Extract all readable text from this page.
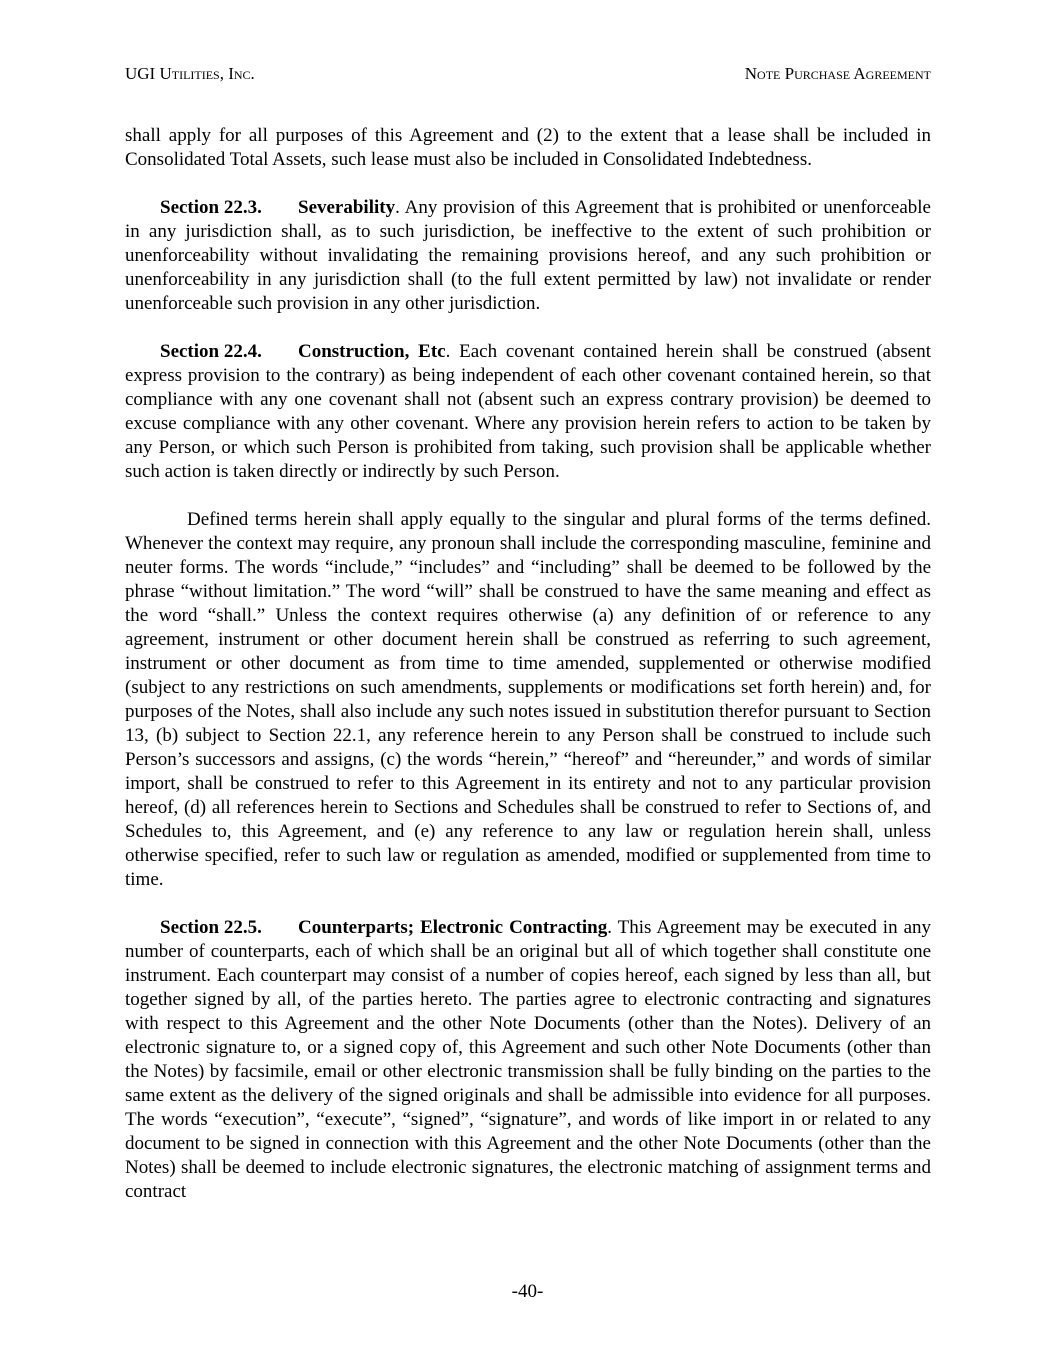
UGI Utilities, Inc.	Note Purchase Agreement

shall apply for all purposes of this Agreement and (2) to the extent that a lease shall be included in Consolidated Total Assets, such lease must also be included in Consolidated Indebtedness.

Section 22.3. Severability. Any provision of this Agreement that is prohibited or unenforceable in any jurisdiction shall, as to such jurisdiction, be ineffective to the extent of such prohibition or unenforceability without invalidating the remaining provisions hereof, and any such prohibition or unenforceability in any jurisdiction shall (to the full extent permitted by law) not invalidate or render unenforceable such provision in any other jurisdiction.

Section 22.4. Construction, Etc. Each covenant contained herein shall be construed (absent express provision to the contrary) as being independent of each other covenant contained herein, so that compliance with any one covenant shall not (absent such an express contrary provision) be deemed to excuse compliance with any other covenant. Where any provision herein refers to action to be taken by any Person, or which such Person is prohibited from taking, such provision shall be applicable whether such action is taken directly or indirectly by such Person.

Defined terms herein shall apply equally to the singular and plural forms of the terms defined. Whenever the context may require, any pronoun shall include the corresponding masculine, feminine and neuter forms. The words “include,” “includes” and “including” shall be deemed to be followed by the phrase “without limitation.” The word “will” shall be construed to have the same meaning and effect as the word “shall.” Unless the context requires otherwise (a) any definition of or reference to any agreement, instrument or other document herein shall be construed as referring to such agreement, instrument or other document as from time to time amended, supplemented or otherwise modified (subject to any restrictions on such amendments, supplements or modifications set forth herein) and, for purposes of the Notes, shall also include any such notes issued in substitution therefor pursuant to Section 13, (b) subject to Section 22.1, any reference herein to any Person shall be construed to include such Person’s successors and assigns, (c) the words “herein,” “hereof” and “hereunder,” and words of similar import, shall be construed to refer to this Agreement in its entirety and not to any particular provision hereof, (d) all references herein to Sections and Schedules shall be construed to refer to Sections of, and Schedules to, this Agreement, and (e) any reference to any law or regulation herein shall, unless otherwise specified, refer to such law or regulation as amended, modified or supplemented from time to time.

Section 22.5. Counterparts; Electronic Contracting. This Agreement may be executed in any number of counterparts, each of which shall be an original but all of which together shall constitute one instrument. Each counterpart may consist of a number of copies hereof, each signed by less than all, but together signed by all, of the parties hereto. The parties agree to electronic contracting and signatures with respect to this Agreement and the other Note Documents (other than the Notes). Delivery of an electronic signature to, or a signed copy of, this Agreement and such other Note Documents (other than the Notes) by facsimile, email or other electronic transmission shall be fully binding on the parties to the same extent as the delivery of the signed originals and shall be admissible into evidence for all purposes. The words “execution”, “execute”, “signed”, “signature”, and words of like import in or related to any document to be signed in connection with this Agreement and the other Note Documents (other than the Notes) shall be deemed to include electronic signatures, the electronic matching of assignment terms and contract

-40-
